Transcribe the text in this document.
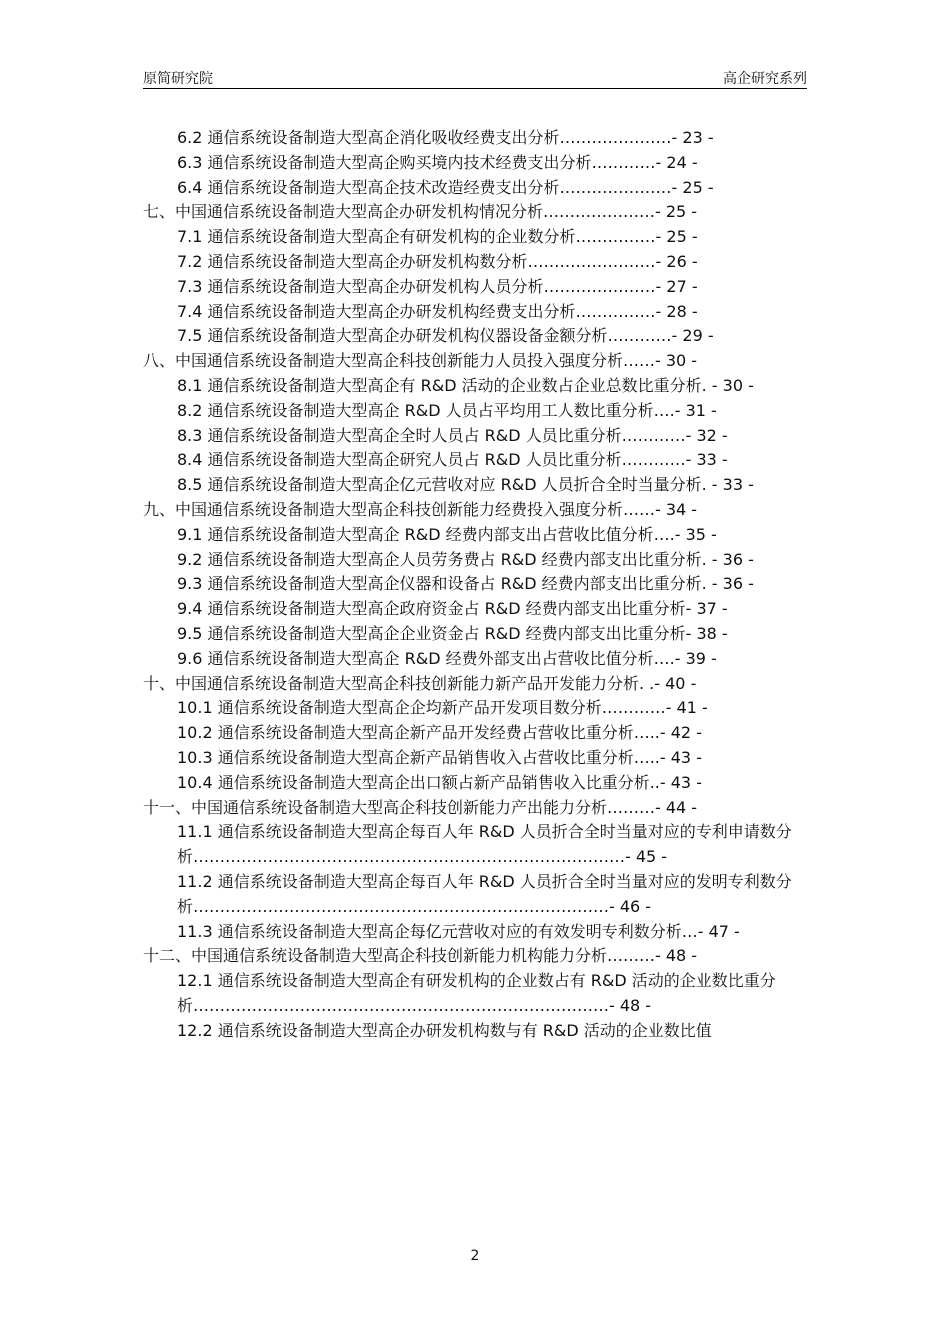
原简研究院	高企研究系列
6.2 通信系统设备制造大型高企消化吸收经费支出分析…………………- 23 -
6.3 通信系统设备制造大型高企购买境内技术经费支出分析…………- 24 -
6.4 通信系统设备制造大型高企技术改造经费支出分析…………………- 25 -
七、中国通信系统设备制造大型高企办研发机构情况分析…………………- 25 -
7.1 通信系统设备制造大型高企有研发机构的企业数分析……………- 25 -
7.2 通信系统设备制造大型高企办研发机构数分析……………………- 26 -
7.3 通信系统设备制造大型高企办研发机构人员分析…………………- 27 -
7.4 通信系统设备制造大型高企办研发机构经费支出分析……………- 28 -
7.5 通信系统设备制造大型高企办研发机构仪器设备金额分析…………- 29 -
八、中国通信系统设备制造大型高企科技创新能力人员投入强度分析……- 30 -
8.1 通信系统设备制造大型高企有 R&D 活动的企业数占企业总数比重分析. - 30 -
8.2 通信系统设备制造大型高企 R&D 人员占平均用工人数比重分析….- 31 -
8.3 通信系统设备制造大型高企全时人员占 R&D 人员比重分析…………- 32 -
8.4 通信系统设备制造大型高企研究人员占 R&D 人员比重分析…………- 33 -
8.5 通信系统设备制造大型高企亿元营收对应 R&D 人员折合全时当量分析. - 33 -
九、中国通信系统设备制造大型高企科技创新能力经费投入强度分析……- 34 -
9.1 通信系统设备制造大型高企 R&D 经费内部支出占营收比值分析….- 35 -
9.2 通信系统设备制造大型高企人员劳务费占 R&D 经费内部支出比重分析. - 36 -
9.3 通信系统设备制造大型高企仪器和设备占 R&D 经费内部支出比重分析. - 36 -
9.4 通信系统设备制造大型高企政府资金占 R&D 经费内部支出比重分析- 37 -
9.5 通信系统设备制造大型高企企业资金占 R&D 经费内部支出比重分析- 38 -
9.6 通信系统设备制造大型高企 R&D 经费外部支出占营收比值分析….- 39 -
十、中国通信系统设备制造大型高企科技创新能力新产品开发能力分析. .- 40 -
10.1 通信系统设备制造大型高企企均新产品开发项目数分析…………- 41 -
10.2 通信系统设备制造大型高企新产品开发经费占营收比重分析…..- 42 -
10.3 通信系统设备制造大型高企新产品销售收入占营收比重分析…..- 43 -
10.4 通信系统设备制造大型高企出口额占新产品销售收入比重分析..- 43 -
十一、中国通信系统设备制造大型高企科技创新能力产出能力分析………- 44 -
11.1 通信系统设备制造大型高企每百人年 R&D 人员折合全时当量对应的专利申请数分析………………………………………………………………………- 45 -
11.2 通信系统设备制造大型高企每百人年 R&D 人员折合全时当量对应的发明专利数分析……………………………………………………………………- 46 -
11.3 通信系统设备制造大型高企每亿元营收对应的有效发明专利数分析…- 47 -
十二、中国通信系统设备制造大型高企科技创新能力机构能力分析………- 48 -
12.1 通信系统设备制造大型高企有研发机构的企业数占有 R&D 活动的企业数比重分析……………………………………………………………………- 48 -
12.2 通信系统设备制造大型高企办研发机构数与有 R&D 活动的企业数比值
2
